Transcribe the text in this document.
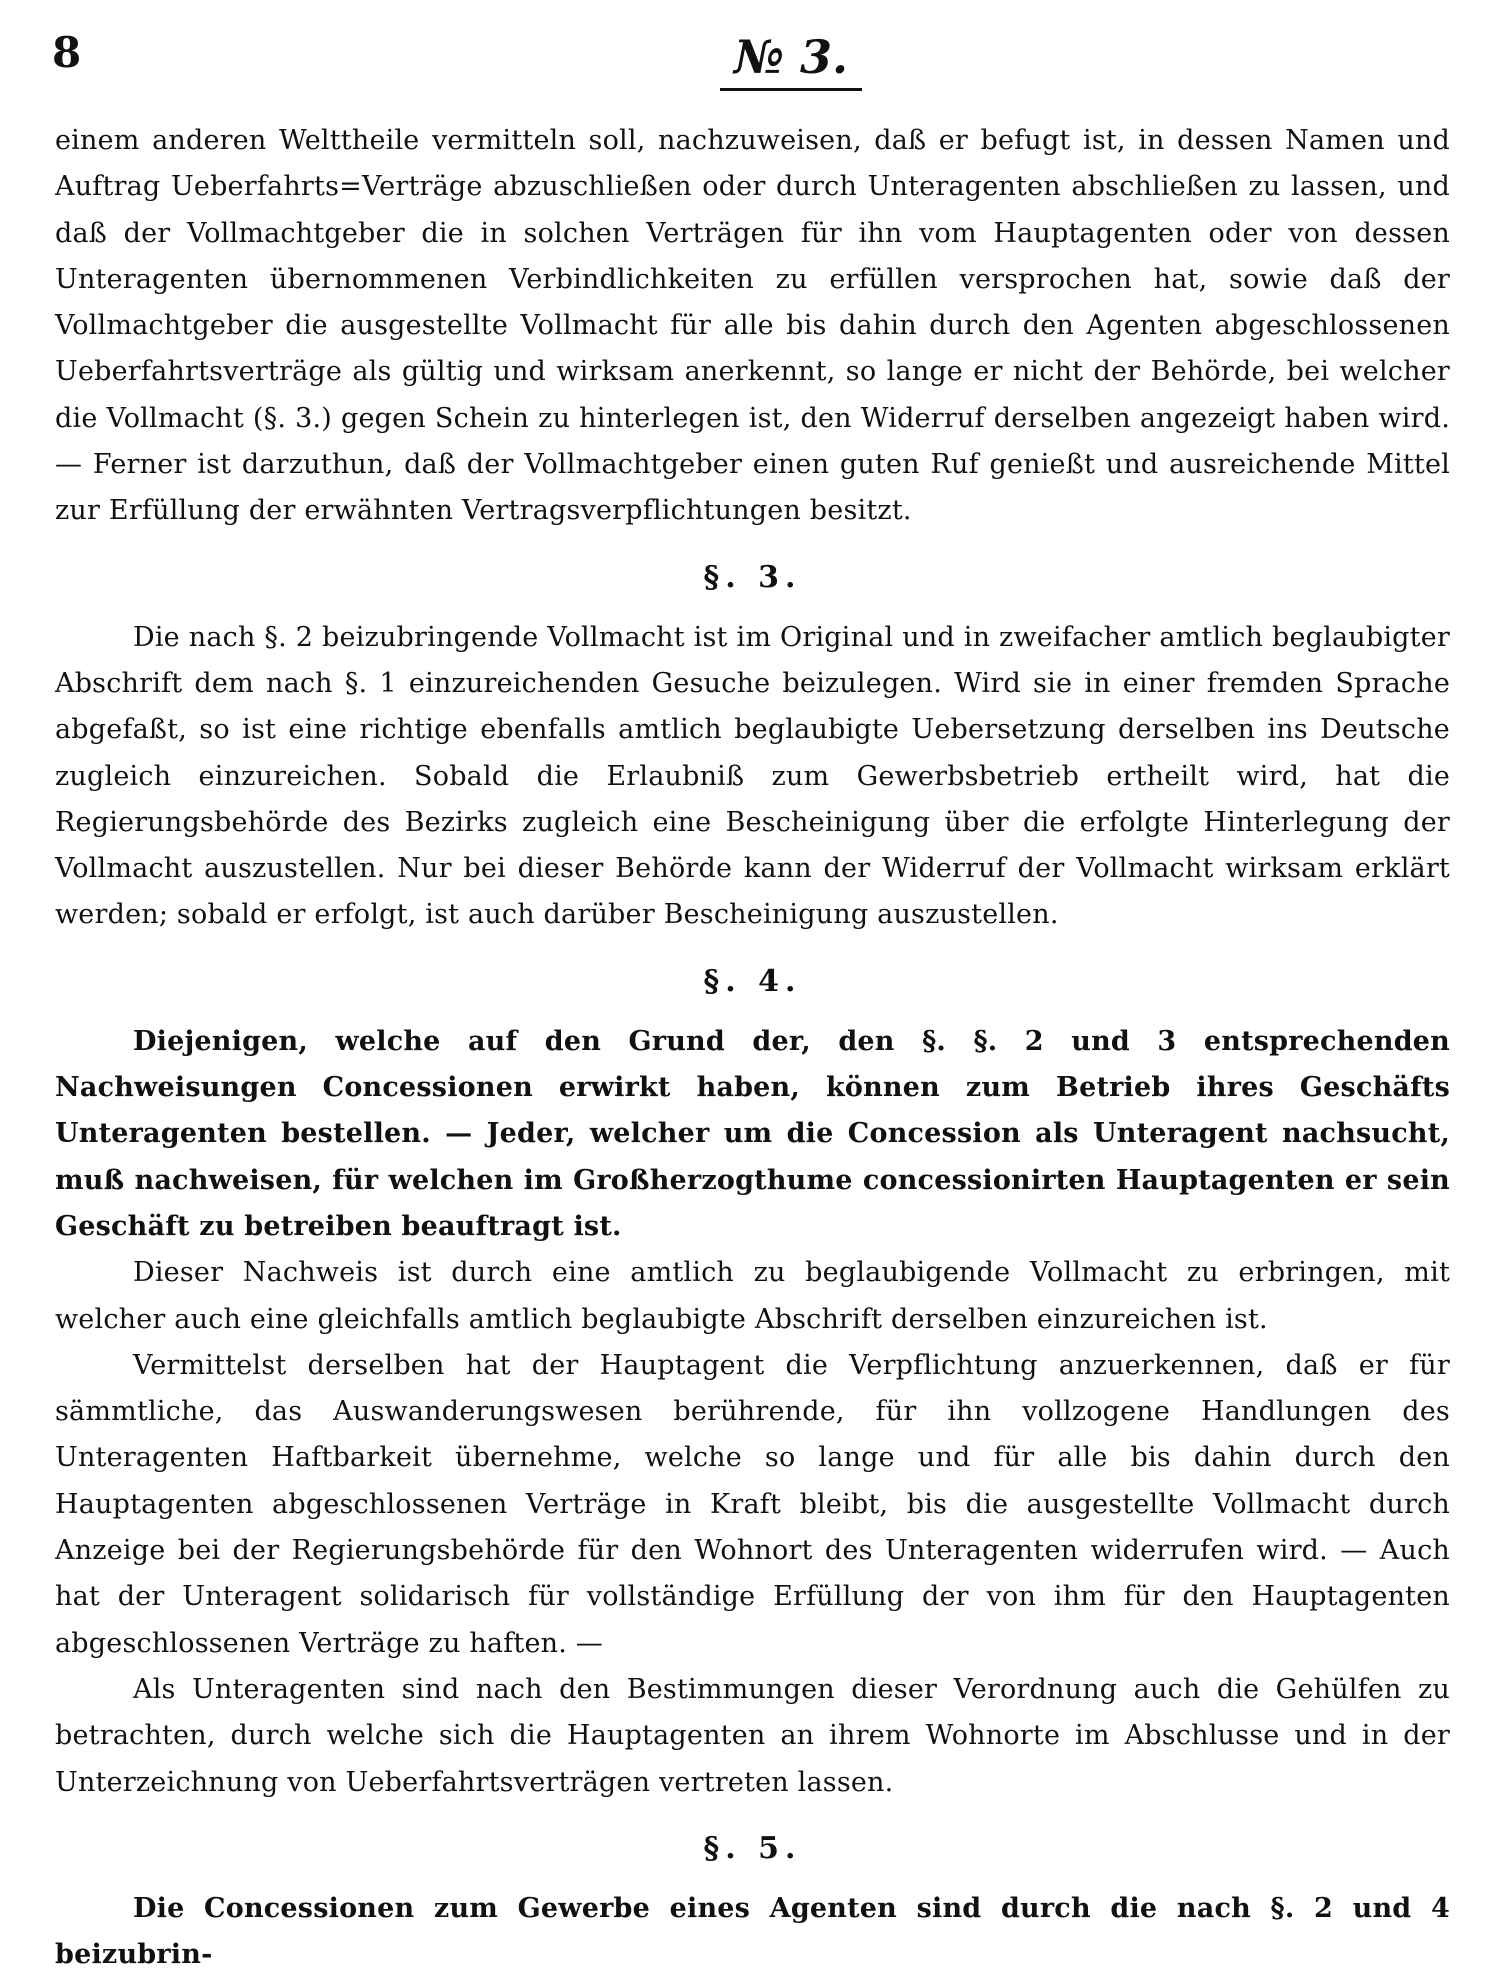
8	№ 3.

einem anderen Welttheile vermitteln soll, nachzuweisen, daß er befugt ist, in dessen Namen und Auftrag Ueberfahrts=Verträge abzuschließen oder durch Unteragenten abschließen zu lassen, und daß der Vollmachtgeber die in solchen Verträgen für ihn vom Hauptagenten oder von dessen Unteragenten übernommenen Verbindlichkeiten zu erfüllen versprochen hat, sowie daß der Vollmachtgeber die ausgestellte Vollmacht für alle bis dahin durch den Agenten abgeschlossenen Ueberfahrtsverträge als gültig und wirksam anerkennt, so lange er nicht der Behörde, bei welcher die Vollmacht (§. 3.) gegen Schein zu hinterlegen ist, den Widerruf derselben angezeigt haben wird. — Ferner ist darzuthun, daß der Vollmachtgeber einen guten Ruf genießt und ausreichende Mittel zur Erfüllung der erwähnten Vertragsverpflichtungen besitzt.

§. 3.

Die nach §. 2 beizubringende Vollmacht ist im Original und in zweifacher amtlich beglaubigter Abschrift dem nach §. 1 einzureichenden Gesuche beizulegen. Wird sie in einer fremden Sprache abgefaßt, so ist eine richtige ebenfalls amtlich beglaubigte Uebersetzung derselben ins Deutsche zugleich einzureichen. Sobald die Erlaubniß zum Gewerbsbetrieb ertheilt wird, hat die Regierungsbehörde des Bezirks zugleich eine Bescheinigung über die erfolgte Hinterlegung der Vollmacht auszustellen. Nur bei dieser Behörde kann der Widerruf der Vollmacht wirksam erklärt werden; sobald er erfolgt, ist auch darüber Bescheinigung auszustellen.

§. 4.

Diejenigen, welche auf den Grund der, den §. §. 2 und 3 entsprechenden Nachweisungen Concessionen erwirkt haben, können zum Betrieb ihres Geschäfts Unteragenten bestellen. — Jeder, welcher um die Concession als Unteragent nachsucht, muß nachweisen, für welchen im Großherzogthume concessionirten Hauptagenten er sein Geschäft zu betreiben beauftragt ist.

Dieser Nachweis ist durch eine amtlich zu beglaubigende Vollmacht zu erbringen, mit welcher auch eine gleichfalls amtlich beglaubigte Abschrift derselben einzureichen ist.

Vermittelst derselben hat der Hauptagent die Verpflichtung anzuerkennen, daß er für sämmtliche, das Auswanderungswesen berührende, für ihn vollzogene Handlungen des Unteragenten Haftbarkeit übernehme, welche so lange und für alle bis dahin durch den Hauptagenten abgeschlossenen Verträge in Kraft bleibt, bis die ausgestellte Vollmacht durch Anzeige bei der Regierungsbehörde für den Wohnort des Unteragenten widerrufen wird. — Auch hat der Unteragent solidarisch für vollständige Erfüllung der von ihm für den Hauptagenten abgeschlossenen Verträge zu haften. —

Als Unteragenten sind nach den Bestimmungen dieser Verordnung auch die Gehülfen zu betrachten, durch welche sich die Hauptagenten an ihrem Wohnorte im Abschlusse und in der Unterzeichnung von Ueberfahrtsverträgen vertreten lassen.

§. 5.

Die Concessionen zum Gewerbe eines Agenten sind durch die nach §. 2 und 4 beizubrin-
